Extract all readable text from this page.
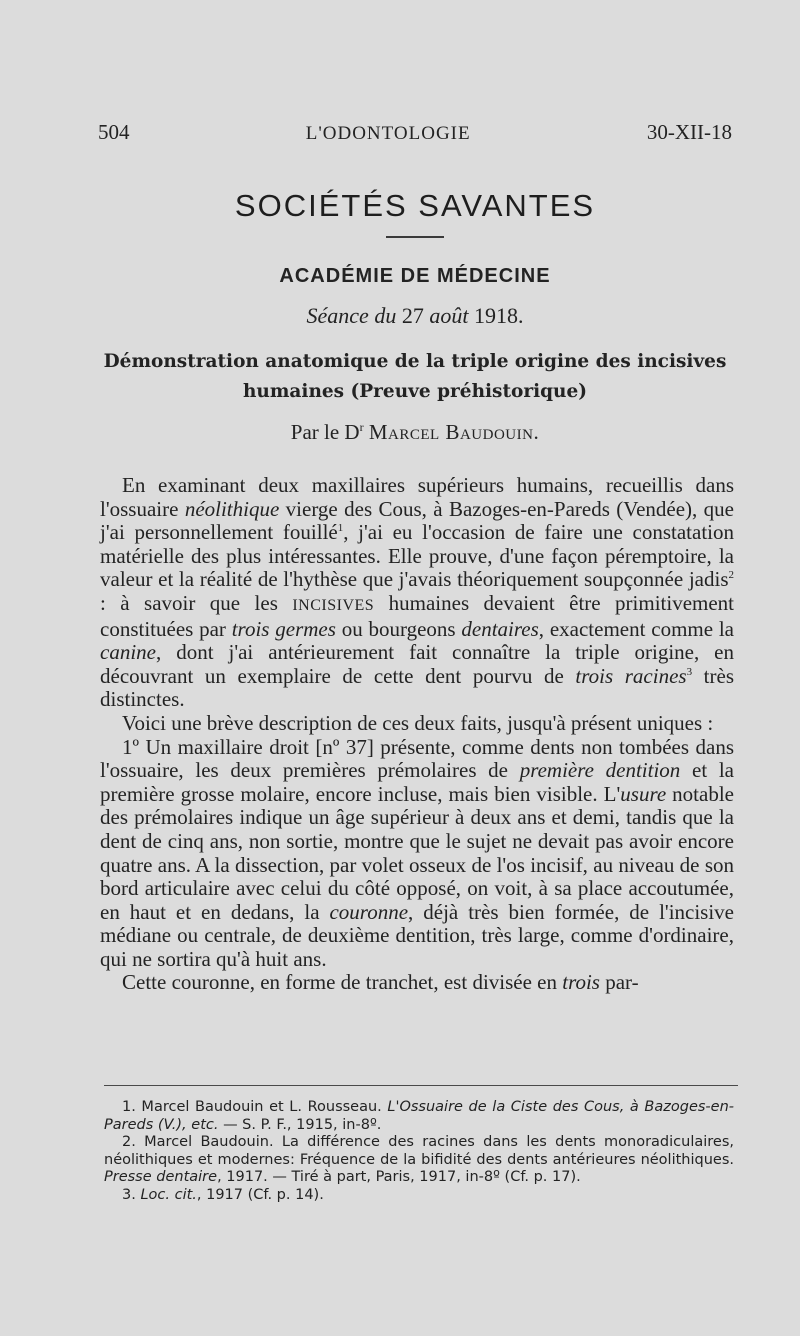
504	L'ODONTOLOGIE	30-XII-18
SOCIÉTÉS SAVANTES
ACADÉMIE DE MÉDECINE
Séance du 27 août 1918.
Démonstration anatomique de la triple origine des incisives
humaines (Preuve préhistorique)
Par le $D^r$ Marcel Baudouin.

En examinant deux maxillaires supérieurs humains, recueillis dans l'ossuaire néolithique vierge des Cous, à Bazoges-en-Pareds (Vendée), que j'ai personnellement fouillé$^1$, j'ai eu l'occasion de faire une constatation matérielle des plus intéressantes. Elle prouve, d'une façon péremptoire, la valeur et la réalité de l'hythèse que j'avais théoriquement soupçonnée jadis$^2$ : à savoir que les INCISIVES humaines devaient être primitivement constituées par trois germes ou bourgeons dentaires, exactement comme la canine, dont j'ai antérieurement fait connaître la triple origine, en découvrant un exemplaire de cette dent pourvu de trois racines$^3$ très distinctes.

Voici une brève description de ces deux faits, jusqu'à présent uniques :

1º Un maxillaire droit [nº 37] présente, comme dents non tombées dans l'ossuaire, les deux premières prémolaires de première dentition et la première grosse molaire, encore incluse, mais bien visible. L'usure notable des prémolaires indique un âge supérieur à deux ans et demi, tandis que la dent de cinq ans, non sortie, montre que le sujet ne devait pas avoir encore quatre ans. A la dissection, par volet osseux de l'os incisif, au niveau de son bord articulaire avec celui du côté opposé, on voit, à sa place accoutumée, en haut et en dedans, la couronne, déjà très bien formée, de l'incisive médiane ou centrale, de deuxième dentition, très large, comme d'ordinaire, qui ne sortira qu'à huit ans.

Cette couronne, en forme de tranchet, est divisée en trois par-

1. Marcel Baudouin et L. Rousseau. L'Ossuaire de la Ciste des Cous, à Bazoges-en-Pareds (V.), etc. — S. P. F., 1915, in-8º.

2. Marcel Baudouin. La différence des racines dans les dents monoradiculaires, néolithiques et modernes: Fréquence de la bifidité des dents antérieures néolithiques. Presse dentaire, 1917. — Tiré à part, Paris, 1917, in-8º (Cf. p. 17).

3. Loc. cit., 1917 (Cf. p. 14).
